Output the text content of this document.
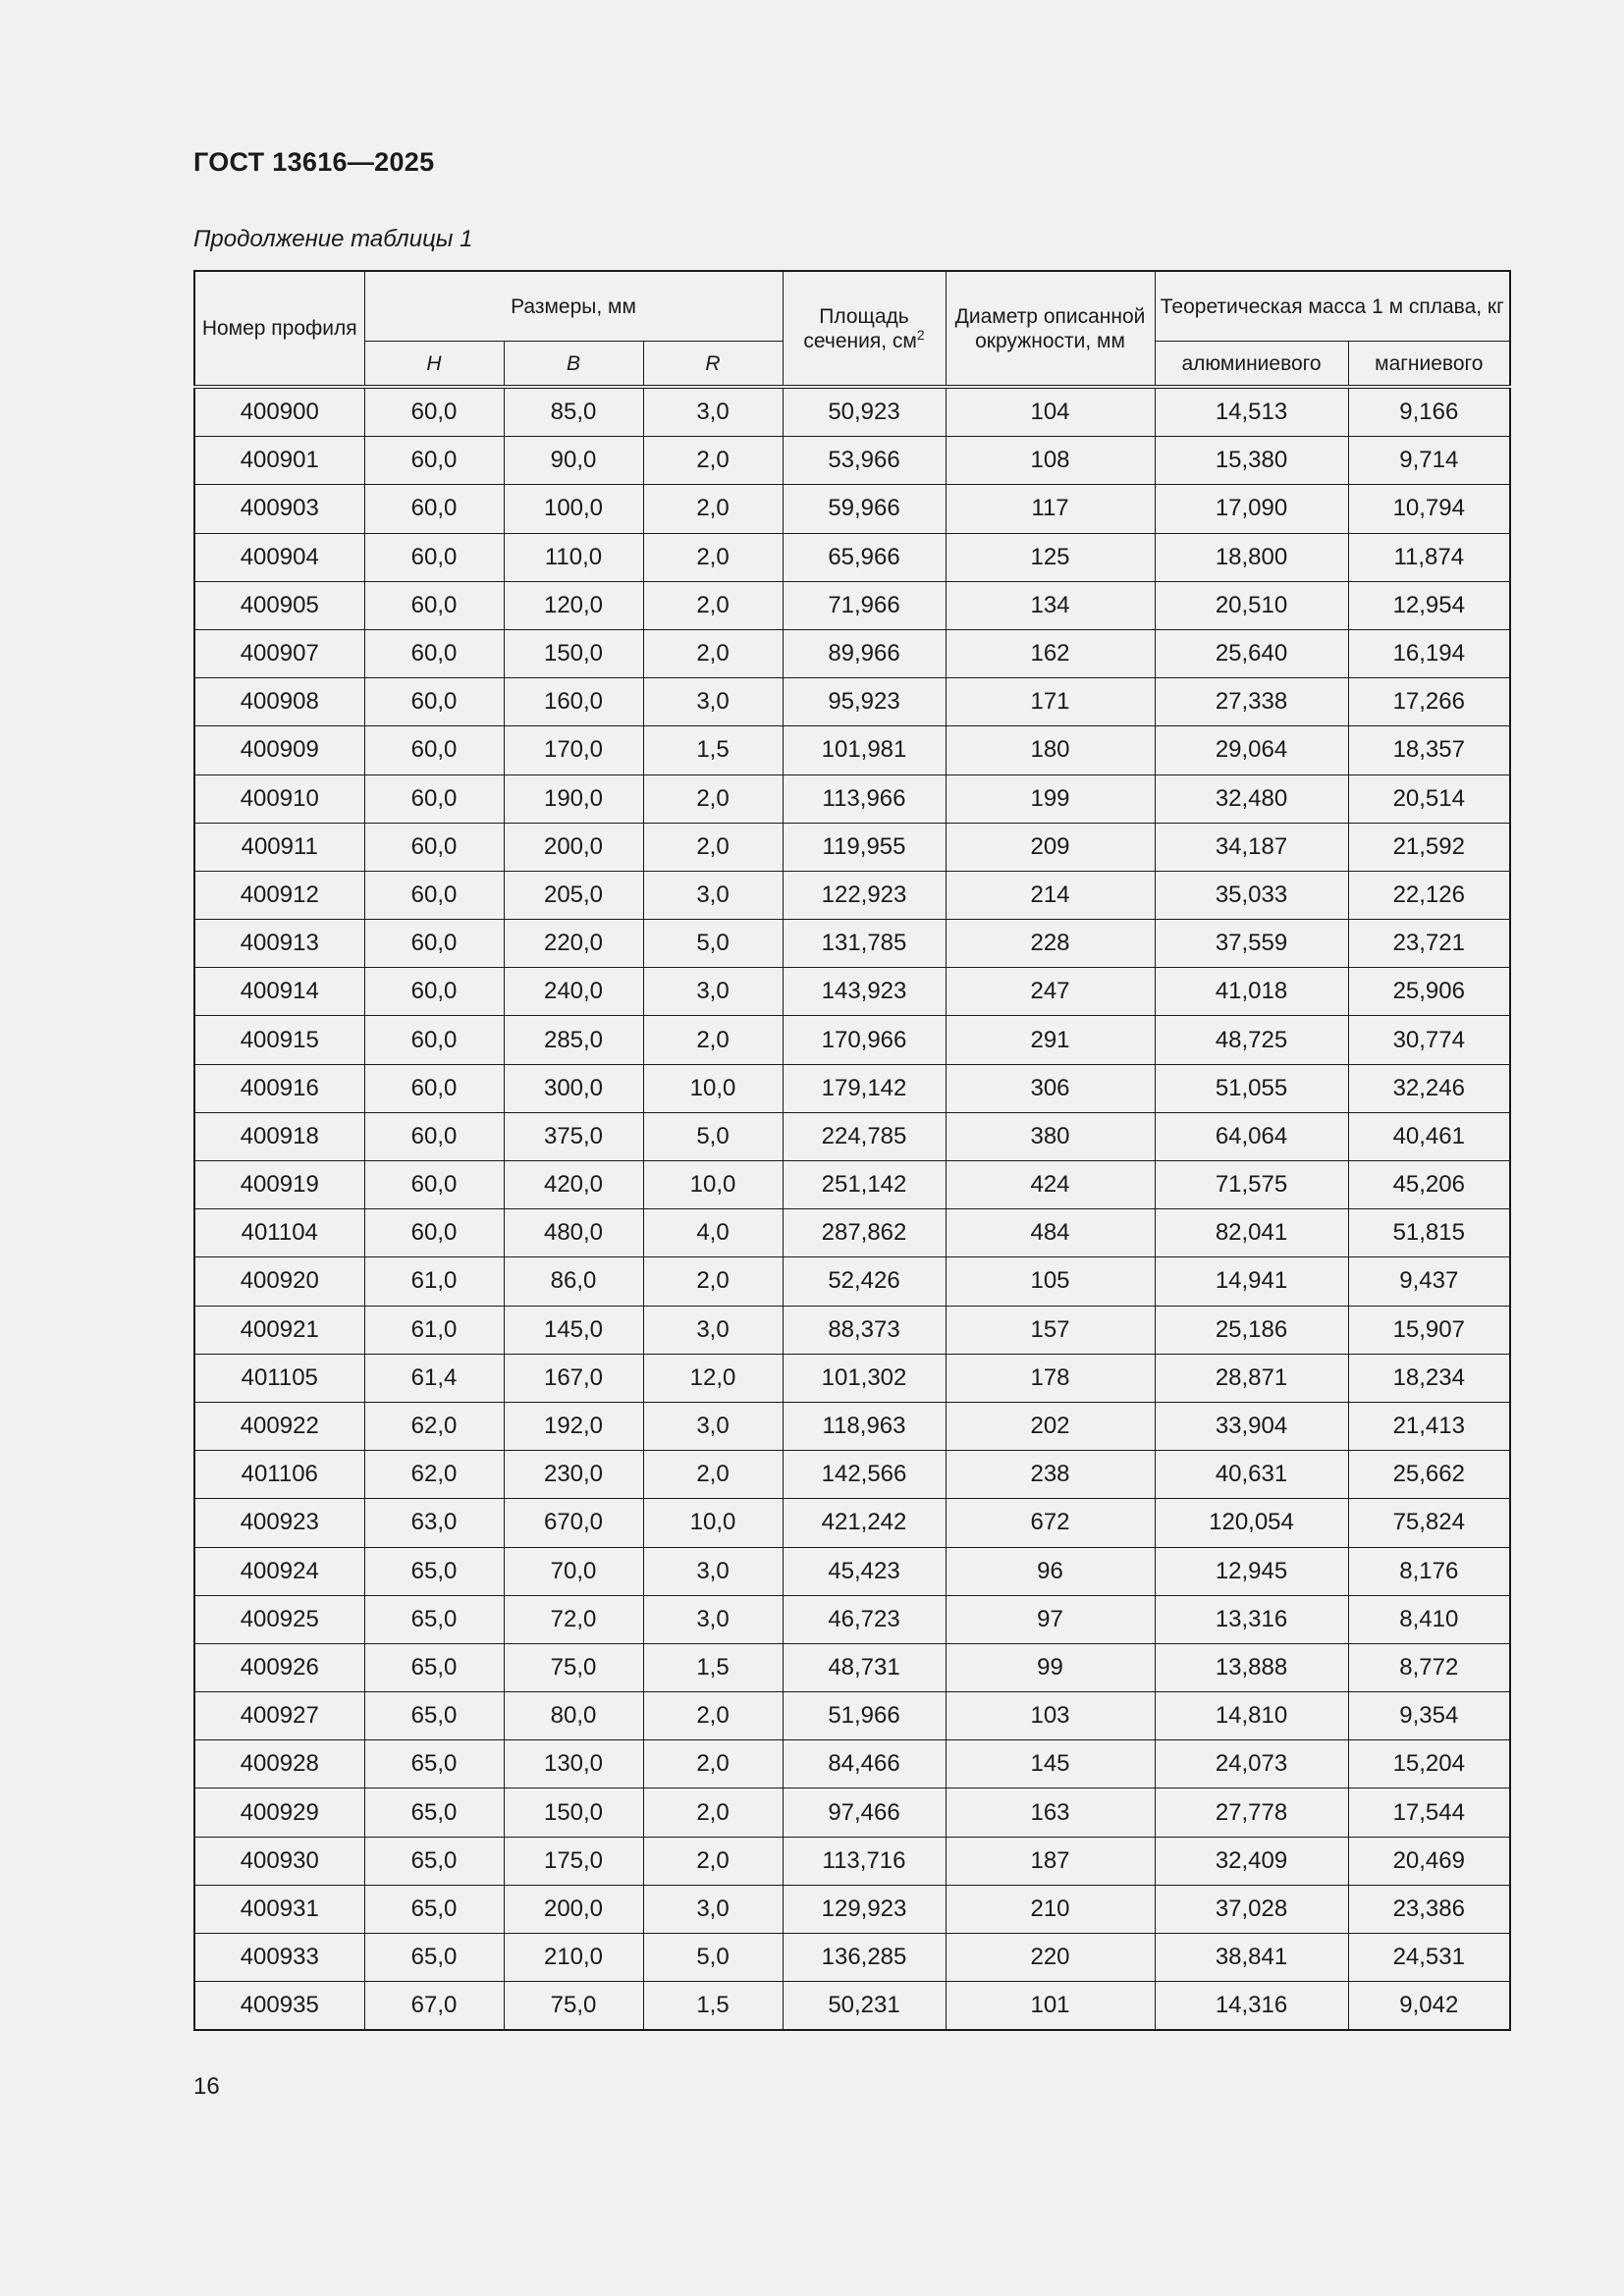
ГОСТ 13616—2025
Продолжение таблицы 1
Номер профиля	Размеры, мм			Площадь сечения, $см^2$	Диаметр описанной окружности, мм	Теоретическая масса 1 м сплава, кг	
	H	B	R			алюминиевого	магниевого
400900	60,0	85,0	3,0	50,923	104	14,513	9,166
400901	60,0	90,0	2,0	53,966	108	15,380	9,714
400903	60,0	100,0	2,0	59,966	117	17,090	10,794
400904	60,0	110,0	2,0	65,966	125	18,800	11,874
400905	60,0	120,0	2,0	71,966	134	20,510	12,954
400907	60,0	150,0	2,0	89,966	162	25,640	16,194
400908	60,0	160,0	3,0	95,923	171	27,338	17,266
400909	60,0	170,0	1,5	101,981	180	29,064	18,357
400910	60,0	190,0	2,0	113,966	199	32,480	20,514
400911	60,0	200,0	2,0	119,955	209	34,187	21,592
400912	60,0	205,0	3,0	122,923	214	35,033	22,126
400913	60,0	220,0	5,0	131,785	228	37,559	23,721
400914	60,0	240,0	3,0	143,923	247	41,018	25,906
400915	60,0	285,0	2,0	170,966	291	48,725	30,774
400916	60,0	300,0	10,0	179,142	306	51,055	32,246
400918	60,0	375,0	5,0	224,785	380	64,064	40,461
400919	60,0	420,0	10,0	251,142	424	71,575	45,206
401104	60,0	480,0	4,0	287,862	484	82,041	51,815
400920	61,0	86,0	2,0	52,426	105	14,941	9,437
400921	61,0	145,0	3,0	88,373	157	25,186	15,907
401105	61,4	167,0	12,0	101,302	178	28,871	18,234
400922	62,0	192,0	3,0	118,963	202	33,904	21,413
401106	62,0	230,0	2,0	142,566	238	40,631	25,662
400923	63,0	670,0	10,0	421,242	672	120,054	75,824
400924	65,0	70,0	3,0	45,423	96	12,945	8,176
400925	65,0	72,0	3,0	46,723	97	13,316	8,410
400926	65,0	75,0	1,5	48,731	99	13,888	8,772
400927	65,0	80,0	2,0	51,966	103	14,810	9,354
400928	65,0	130,0	2,0	84,466	145	24,073	15,204
400929	65,0	150,0	2,0	97,466	163	27,778	17,544
400930	65,0	175,0	2,0	113,716	187	32,409	20,469
400931	65,0	200,0	3,0	129,923	210	37,028	23,386
400933	65,0	210,0	5,0	136,285	220	38,841	24,531
400935	67,0	75,0	1,5	50,231	101	14,316	9,042
16
